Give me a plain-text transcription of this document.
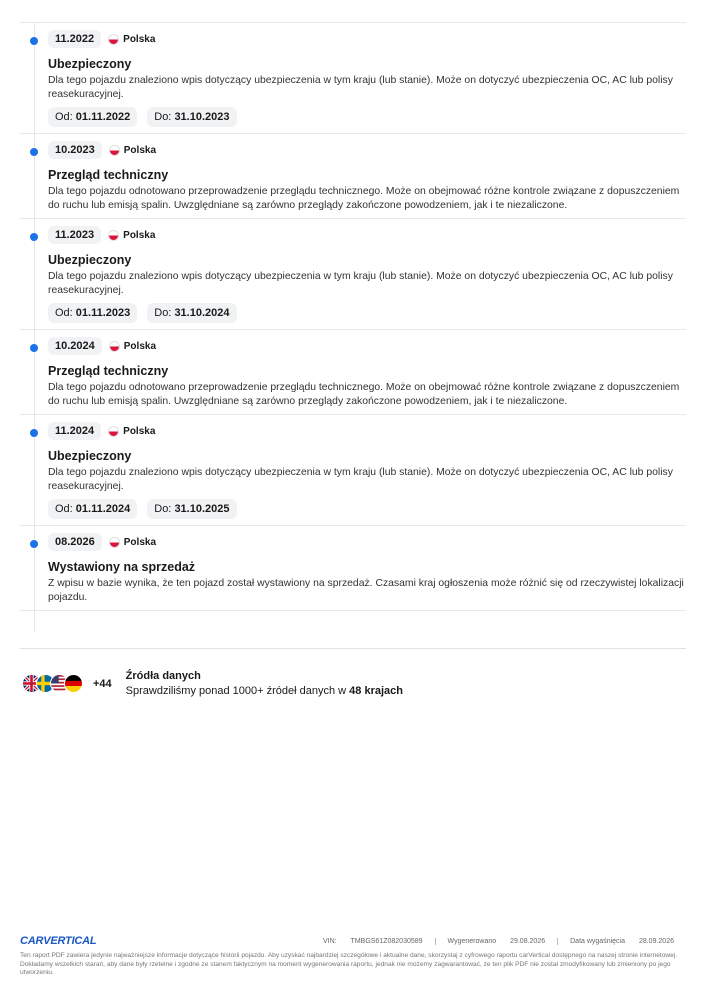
11.2022	Polska
Ubezpieczony
Dla tego pojazdu znaleziono wpis dotyczący ubezpieczenia w tym kraju (lub stanie). Może on dotyczyć ubezpieczenia OC, AC lub polisy reasekuracyjnej.
Od: 01.11.2022	Do: 31.10.2023
10.2023	Polska
Przegląd techniczny
Dla tego pojazdu odnotowano przeprowadzenie przeglądu technicznego. Może on obejmować różne kontrole związane z dopuszczeniem do ruchu lub emisją spalin. Uwzględniane są zarówno przeglądy zakończone powodzeniem, jak i te niezaliczone.
11.2023	Polska
Ubezpieczony
Dla tego pojazdu znaleziono wpis dotyczący ubezpieczenia w tym kraju (lub stanie). Może on dotyczyć ubezpieczenia OC, AC lub polisy reasekuracyjnej.
Od: 01.11.2023	Do: 31.10.2024
10.2024	Polska
Przegląd techniczny
Dla tego pojazdu odnotowano przeprowadzenie przeglądu technicznego. Może on obejmować różne kontrole związane z dopuszczeniem do ruchu lub emisją spalin. Uwzględniane są zarówno przeglądy zakończone powodzeniem, jak i te niezaliczone.
11.2024	Polska
Ubezpieczony
Dla tego pojazdu znaleziono wpis dotyczący ubezpieczenia w tym kraju (lub stanie). Może on dotyczyć ubezpieczenia OC, AC lub polisy reasekuracyjnej.
Od: 01.11.2024	Do: 31.10.2025
08.2026	Polska
Wystawiony na sprzedaż
Z wpisu w bazie wynika, że ten pojazd został wystawiony na sprzedaż. Czasami kraj ogłoszenia może różnić się od rzeczywistej lokalizacji pojazdu.
+44
Źródła danych
Sprawdziliśmy ponad 1000+ źródeł danych w 48 krajach
CARVERTICAL	VIN: TMBGS61Z082030589	Wygenerowano 29.08.2026	Data wygaśnięcia 28.09.2026
Ten raport PDF zawiera jedynie najważniejsze informacje dotyczące historii pojazdu. Aby uzyskać najbardziej szczegółowe i aktualne dane, skorzystaj z cyfrowego raportu carVertical dostępnego na naszej stronie internetowej. Dokładamy wszelkich starań, aby dane były rzetelne i zgodne ze stanem faktycznym na moment wygenerowania raportu, jednak nie możemy zagwarantować, że ten plik PDF nie został zmodyfikowany lub zmieniony po jego utworzeniu.
